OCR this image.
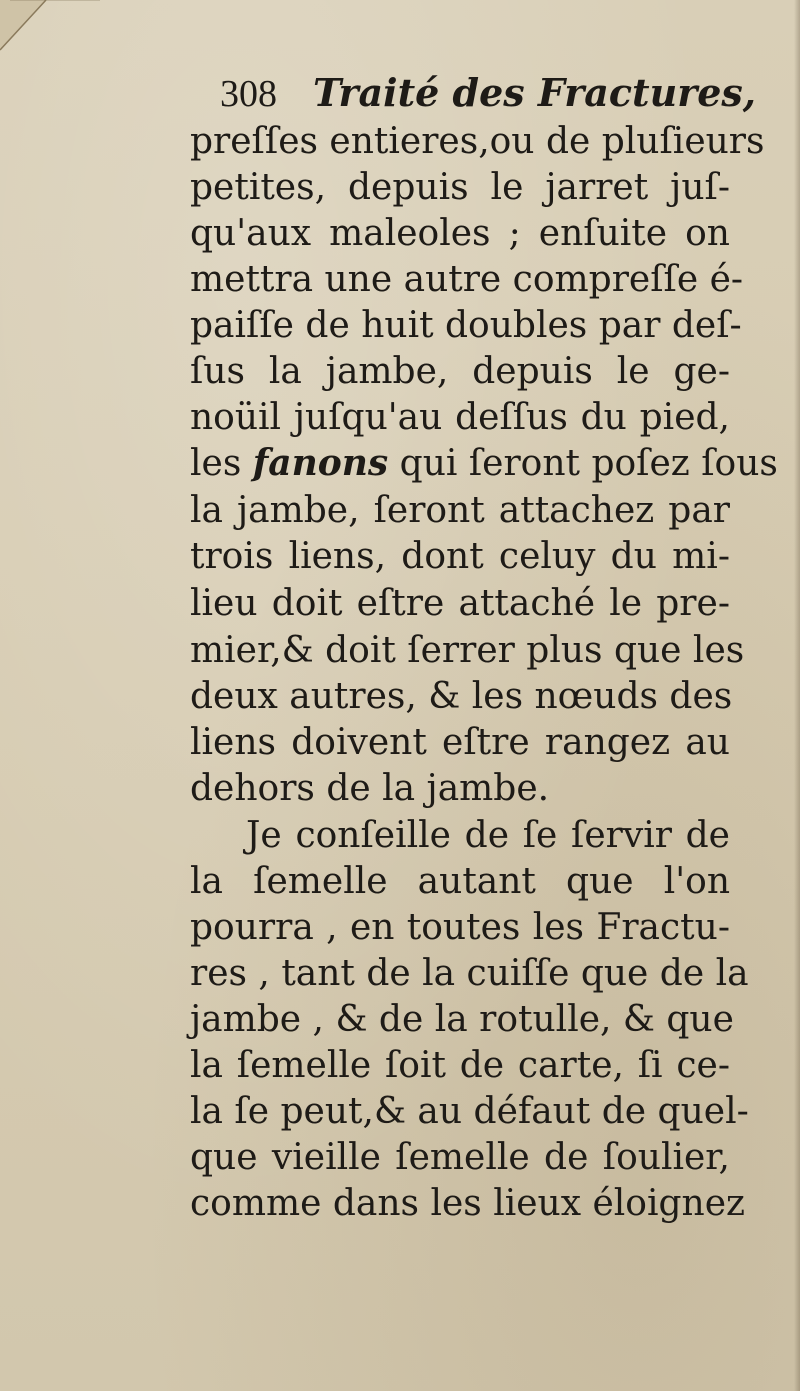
308 Traité des Fractures,
preſſes entieres,ou de pluſieurs
petites, depuis le jarret juſ-
qu'aux maleoles ; enſuite on
mettra une autre compreſſe é-
paiſſe de huit doubles par deſ-
ſus la jambe, depuis le ge-
noüil juſqu'au deſſus du pied,
les fanons qui ſeront poſez ſous
la jambe, ſeront attachez par
trois liens, dont celuy du mi-
lieu doit eſtre attaché le pre-
mier,& doit ſerrer plus que les
deux autres, & les nœuds des
liens doivent eſtre rangez au
dehors de la jambe.
Je conſeille de ſe ſervir de
la ſemelle autant que l'on
pourra , en toutes les Fractu-
res , tant de la cuiſſe que de la
jambe , & de la rotulle, & que
la ſemelle ſoit de carte, ſi ce-
la ſe peut,& au défaut de quel-
que vieille ſemelle de ſoulier,
comme dans les lieux éloignez
